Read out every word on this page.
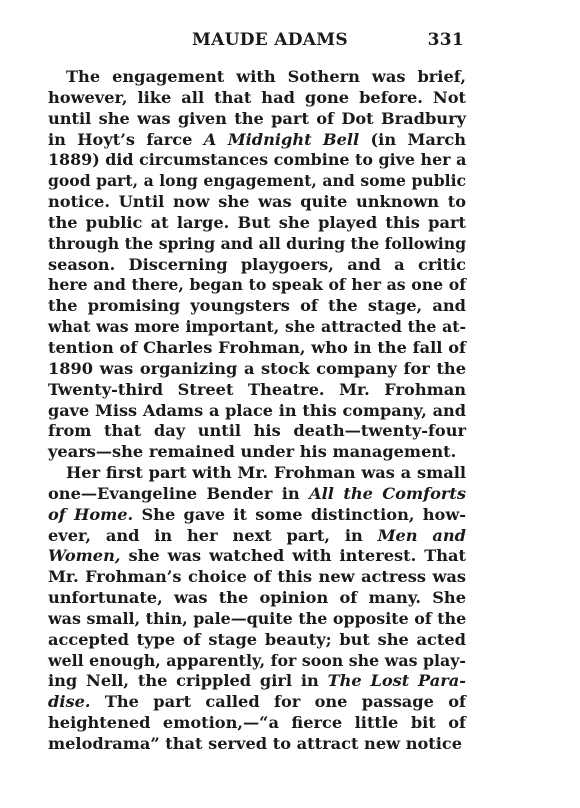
MAUDE ADAMS	331
The engagement with Sothern was brief,
however, like all that had gone before. Not
until she was given the part of Dot Bradbury
in Hoyt’s farce A Midnight Bell (in March
1889) did circumstances combine to give her a
good part, a long engagement, and some public
notice. Until now she was quite unknown to
the public at large. But she played this part
through the spring and all during the following
season. Discerning playgoers, and a critic
here and there, began to speak of her as one of
the promising youngsters of the stage, and
what was more important, she attracted the at-
tention of Charles Frohman, who in the fall of
1890 was organizing a stock company for the
Twenty-third Street Theatre. Mr. Frohman
gave Miss Adams a place in this company, and
from that day until his death—twenty-four
years—she remained under his management.
Her first part with Mr. Frohman was a small
one—Evangeline Bender in All the Comforts
of Home. She gave it some distinction, how-
ever, and in her next part, in Men and
Women, she was watched with interest. That
Mr. Frohman’s choice of this new actress was
unfortunate, was the opinion of many. She
was small, thin, pale—quite the opposite of the
accepted type of stage beauty; but she acted
well enough, apparently, for soon she was play-
ing Nell, the crippled girl in The Lost Para-
dise. The part called for one passage of
heightened emotion,—“a fierce little bit of
melodrama” that served to attract new notice
